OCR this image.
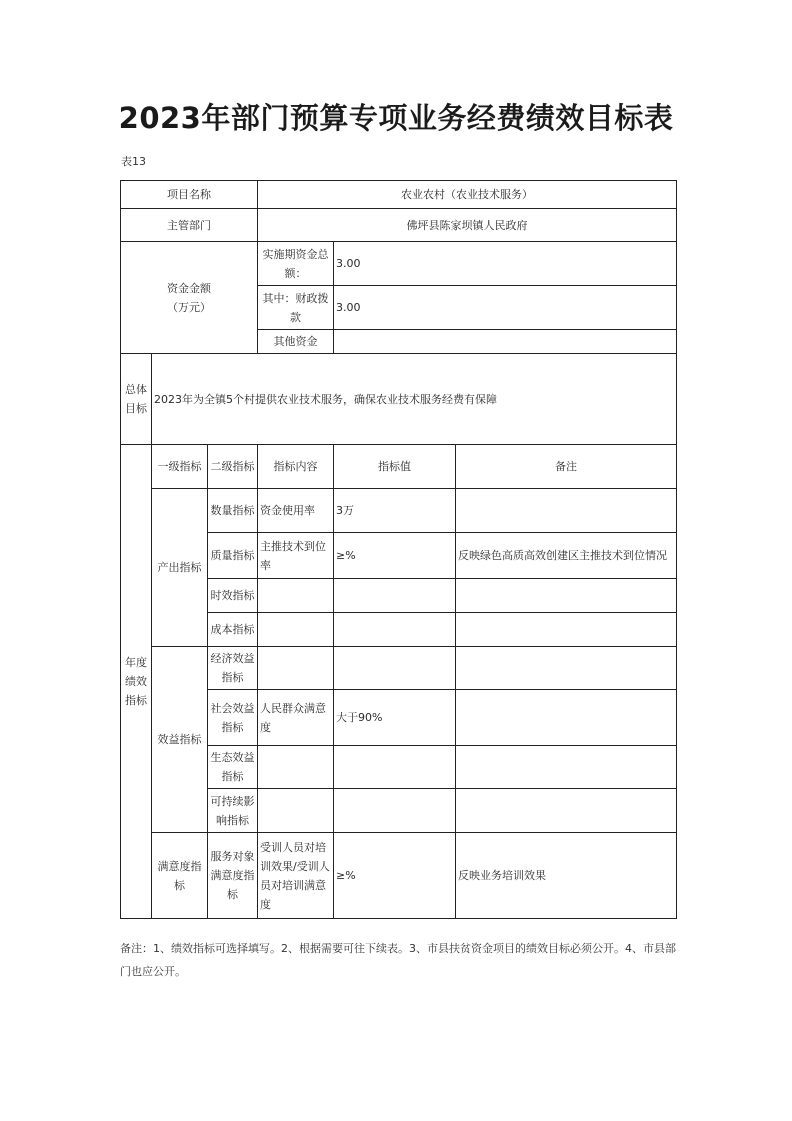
2023年部门预算专项业务经费绩效目标表
表13
项目名称			农业农村（农业技术服务）		
主管部门			佛坪县陈家坝镇人民政府		

资金金额
（万元）			实施期资金总额：	3.00	
			其中：财政拨款	3.00	
			其他资金		
总体目标	2023年为全镇5个村提供农业技术服务，确保农业技术服务经费有保障				
年度绩效指标	一级指标	二级指标	指标内容	指标值	备注
	产出指标	数量指标	资金使用率	3万	
		质量指标	主推技术到位率	≥%	反映绿色高质高效创建区主推技术到位情况
		时效指标			
		成本指标			
	效益指标	经济效益指标			
		社会效益指标	人民群众满意度	大于90%	
		生态效益指标			
		可持续影响指标			
	满意度指标	服务对象满意度指标	受训人员对培训效果/受训人员对培训满意度	≥%	反映业务培训效果
备注：1、绩效指标可选择填写。2、根据需要可往下续表。3、市县扶贫资金项目的绩效目标必须公开。4、市县部门也应公开。
